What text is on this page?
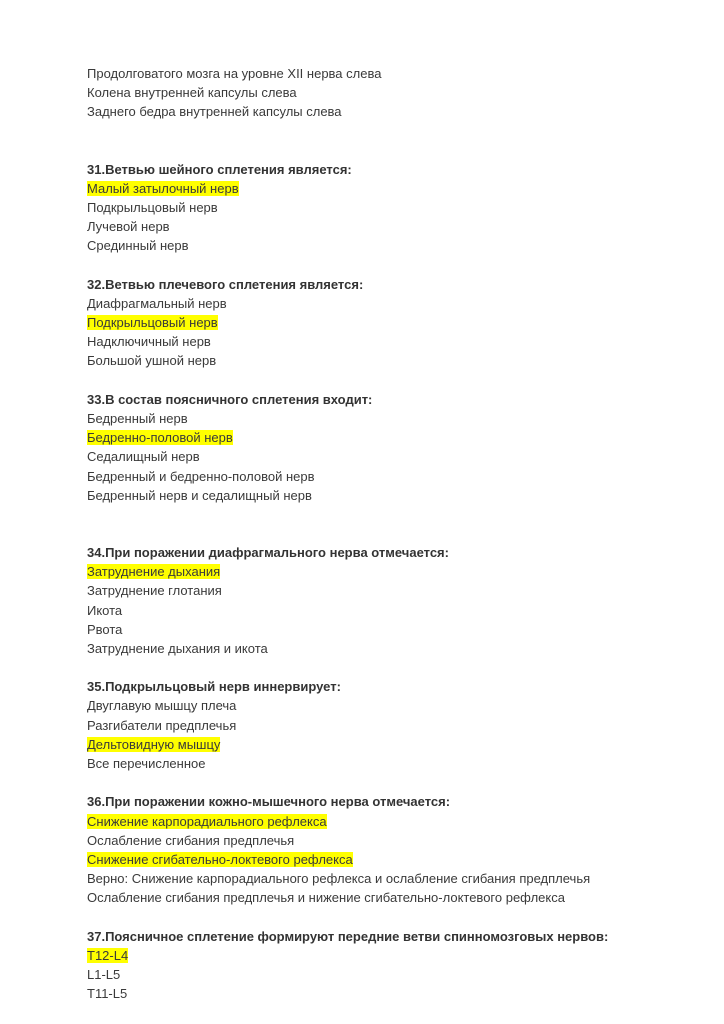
Продолговатого мозга на уровне XII нерва слева
Колена внутренней капсулы слева
Заднего бедра внутренней капсулы слева
31.Ветвью шейного сплетения является:
Малый затылочный нерв
Подкрыльцовый нерв
Лучевой нерв
Срединный нерв
32.Ветвью плечевого сплетения является:
Диафрагмальный нерв
Подкрыльцовый нерв
Надключичный нерв
Большой ушной нерв
33.В состав поясничного сплетения входит:
Бедренный нерв
Бедренно-половой нерв
Седалищный нерв
Бедренный и бедренно-половой нерв
Бедренный нерв и седалищный нерв
34.При поражении диафрагмального нерва отмечается:
Затруднение дыхания
Затруднение глотания
Икота
Рвота
Затруднение дыхания и икота
35.Подкрыльцовый нерв иннервирует:
Двуглавую мышцу плеча
Разгибатели предплечья
Дельтовидную мышцу
Все перечисленное
36.При поражении кожно-мышечного нерва отмечается:
Снижение карпорадиального рефлекса
Ослабление сгибания предплечья
Снижение сгибательно-локтевого рефлекса
Верно: Снижение карпорадиального рефлекса и ослабление сгибания предплечья
Ослабление сгибания предплечья и нижение сгибательно-локтевого рефлекса
37.Поясничное сплетение формируют передние ветви спинномозговых нервов:
T12-L4
L1-L5
T11-L5
